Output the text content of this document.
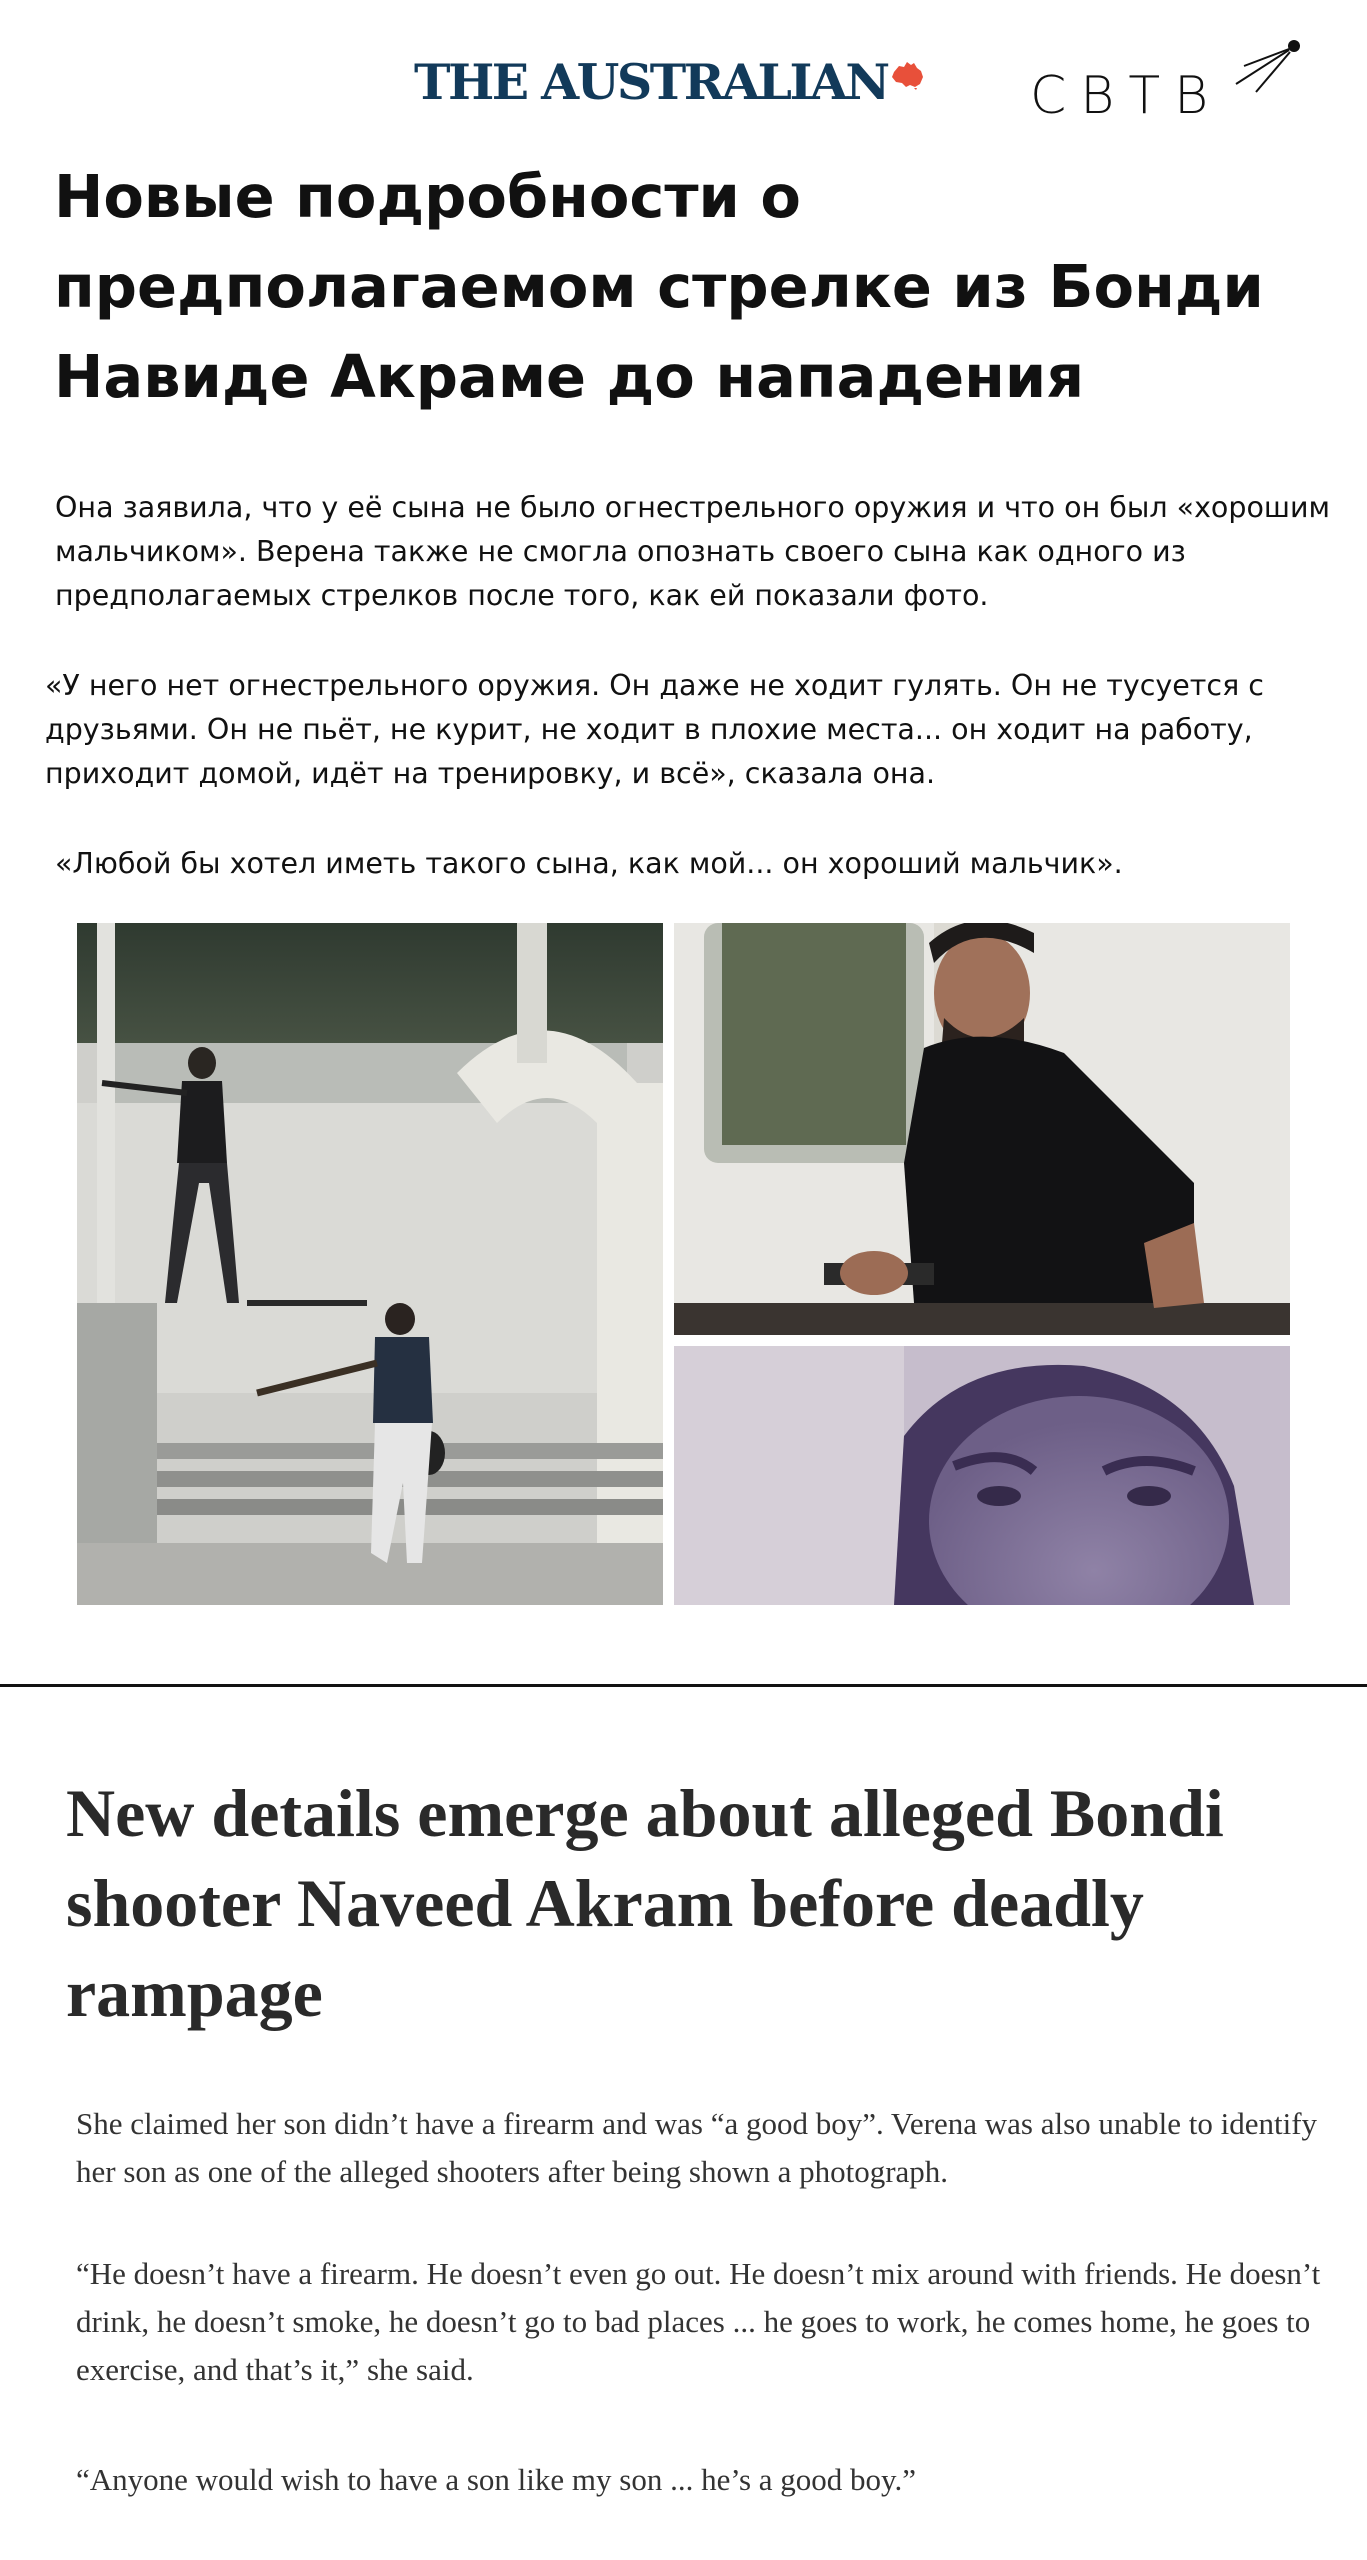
THE AUSTRALIAN	CBTB
Новые подробности о предполагаемом стрелке из Бонди Навиде Акраме до нападения

Она заявила, что у её сына не было огнестрельного оружия и что он был «хорошим мальчиком». Верена также не смогла опознать своего сына как одного из предполагаемых стрелков после того, как ей показали фото.

«У него нет огнестрельного оружия. Он даже не ходит гулять. Он не тусуется с друзьями. Он не пьёт, не курит, не ходит в плохие места... он ходит на работу, приходит домой, идёт на тренировку, и всё», сказала она.

«Любой бы хотел иметь такого сына, как мой... он хороший мальчик».

New details emerge about alleged Bondi shooter Naveed Akram before deadly rampage

She claimed her son didn’t have a firearm and was “a good boy”. Verena was also unable to identify her son as one of the alleged shooters after being shown a photograph.

“He doesn’t have a firearm. He doesn’t even go out. He doesn’t mix around with friends. He doesn’t drink, he doesn’t smoke, he doesn’t go to bad places ... he goes to work, he comes home, he goes to exercise, and that’s it,” she said.

“Anyone would wish to have a son like my son ... he’s a good boy.”
